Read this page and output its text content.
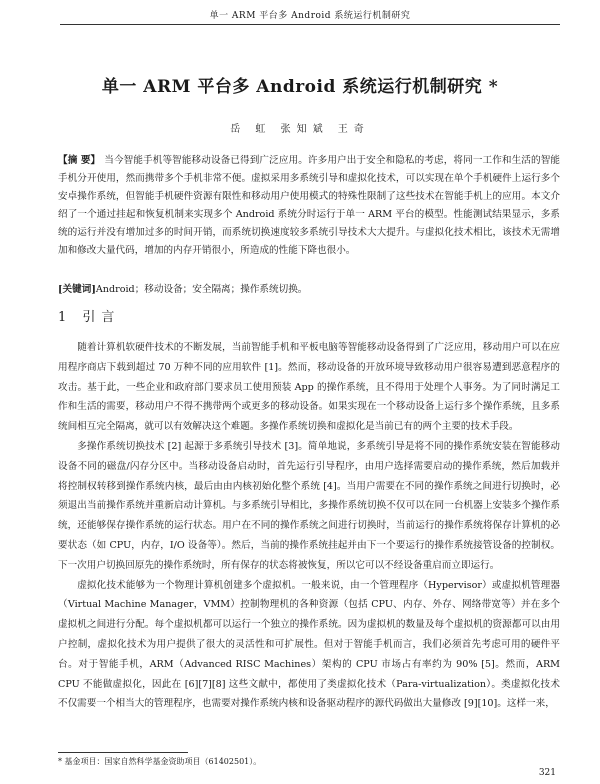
单一 ARM 平台多 Android 系统运行机制研究
单一 ARM 平台多 Android 系统运行机制研究 *
岳 虹 张知斌 王奇
【摘 要】 当今智能手机等智能移动设备已得到广泛应用。许多用户出于安全和隐私的考虑，将同一工作和生活的智能手机分开使用，然而携带多个手机非常不便。虚拟采用多系统引导和虚拟化技术，可以实现在单个手机硬件上运行多个安卓操作系统，但智能手机硬件资源有限性和移动用户使用模式的特殊性限制了这些技术在智能手机上的应用。本文介绍了一个通过挂起和恢复机制来实现多个 Android 系统分时运行于单一 ARM 平台的模型。性能测试结果显示，多系统的运行并没有增加过多的时间开销，而系统切换速度较多系统引导技术大大提升。与虚拟化技术相比，该技术无需增加和修改大量代码，增加的内存开销很小，所造成的性能下降也很小。
[关键词]Android；移动设备；安全隔离；操作系统切换。
1 引言

随着计算机软硬件技术的不断发展，当前智能手机和平板电脑等智能移动设备得到了广泛应用，移动用户可以在应用程序商店下载到超过 70 万种不同的应用软件 [1]。然而，移动设备的开放环境导致移动用户很容易遭到恶意程序的攻击。基于此，一些企业和政府部门要求员工使用预装 App 的操作系统，且不得用于处理个人事务。为了同时满足工作和生活的需要，移动用户不得不携带两个或更多的移动设备。如果实现在一个移动设备上运行多个操作系统，且多系统间相互完全隔离，就可以有效解决这个难题。多操作系统切换和虚拟化是当前已有的两个主要的技术手段。

多操作系统切换技术 [2] 起源于多系统引导技术 [3]。简单地说，多系统引导是将不同的操作系统安装在智能移动设备不同的磁盘/闪存分区中。当移动设备启动时，首先运行引导程序，由用户选择需要启动的操作系统，然后加载并将控制权转移到操作系统内核，最后由由内核初始化整个系统 [4]。当用户需要在不同的操作系统之间进行切换时，必须退出当前操作系统并重新启动计算机。与多系统引导相比，多操作系统切换不仅可以在同一台机器上安装多个操作系统，还能够保存操作系统的运行状态。用户在不同的操作系统之间进行切换时，当前运行的操作系统将保存计算机的必要状态（如 CPU，内存，I/O 设备等）。然后，当前的操作系统挂起并由下一个要运行的操作系统接管设备的控制权。下一次用户切换回原先的操作系统时，所有保存的状态将被恢复，所以它可以不经设备重启而立即运行。

虚拟化技术能够为一个物理计算机创建多个虚拟机。一般来说，由一个管理程序（Hypervisor）或虚拟机管理器（Virtual Machine Manager，VMM）控制物理机的各种资源（包括 CPU、内存、外存、网络带宽等）并在多个虚拟机之间进行分配。每个虚拟机都可以运行一个独立的操作系统。因为虚拟机的数量及每个虚拟机的资源都可以由用户控制，虚拟化技术为用户提供了很大的灵活性和可扩展性。但对于智能手机而言，我们必须首先考虑可用的硬件平台。对于智能手机，ARM（Advanced RISC Machines）架构的 CPU 市场占有率约为 90% [5]。然而，ARM CPU 不能做虚拟化，因此在 [6][7][8] 这些文献中，都使用了类虚拟化技术（Para-virtualization）。类虚拟化技术不仅需要一个相当大的管理程序，也需要对操作系统内核和设备驱动程序的源代码做出大量修改 [9][10]。这样一来，

* 基金项目：国家自然科学基金资助项目（61402501）。
321
